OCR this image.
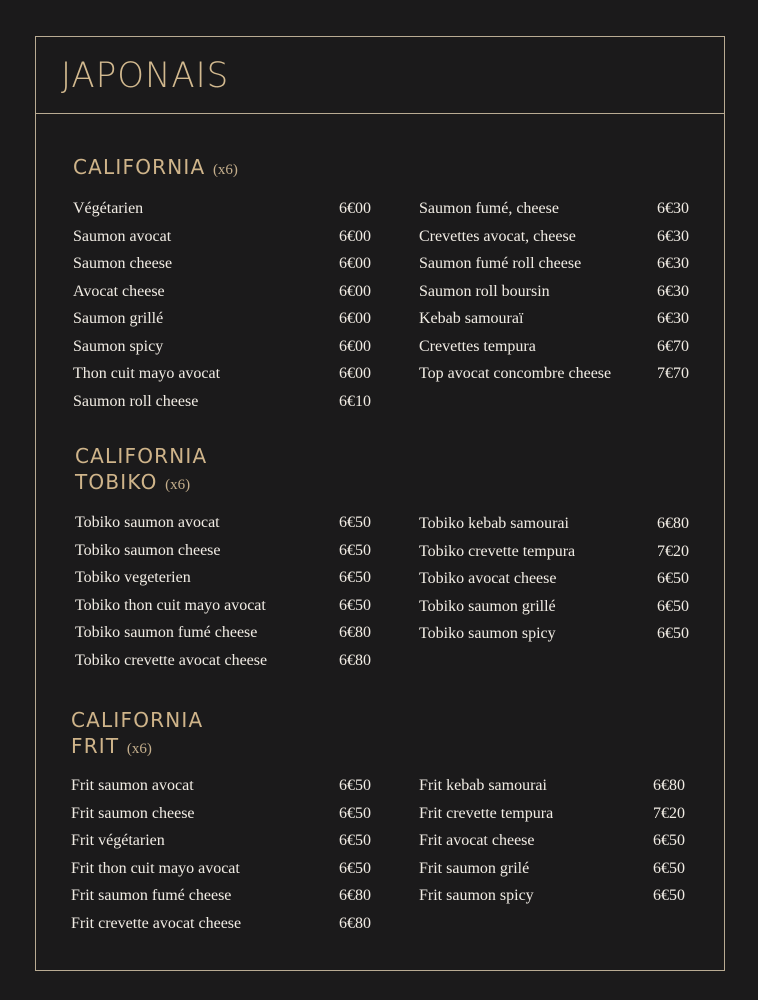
JAPONAIS
CALIFORNIA (x6)
Végétarien	6€00
Saumon avocat	6€00
Saumon cheese	6€00
Avocat cheese	6€00
Saumon grillé	6€00
Saumon spicy	6€00
Thon cuit mayo avocat	6€00
Saumon roll cheese	6€10
Saumon fumé, cheese	6€30
Crevettes avocat, cheese	6€30
Saumon fumé roll cheese	6€30
Saumon roll boursin	6€30
Kebab samouraï	6€30
Crevettes tempura	6€70
Top avocat concombre cheese	7€70
CALIFORNIA
TOBIKO (x6)
Tobiko saumon avocat	6€50
Tobiko saumon cheese	6€50
Tobiko vegeterien	6€50
Tobiko thon cuit mayo avocat	6€50
Tobiko saumon fumé cheese	6€80
Tobiko crevette avocat cheese	6€80
Tobiko kebab samourai	6€80
Tobiko crevette tempura	7€20
Tobiko avocat cheese	6€50
Tobiko saumon grillé	6€50
Tobiko saumon spicy	6€50
CALIFORNIA
FRIT (x6)
Frit saumon avocat	6€50
Frit saumon cheese	6€50
Frit végétarien	6€50
Frit thon cuit mayo avocat	6€50
Frit saumon fumé cheese	6€80
Frit crevette avocat cheese	6€80
Frit kebab samourai	6€80
Frit crevette tempura	7€20
Frit avocat cheese	6€50
Frit saumon grilé	6€50
Frit saumon spicy	6€50
